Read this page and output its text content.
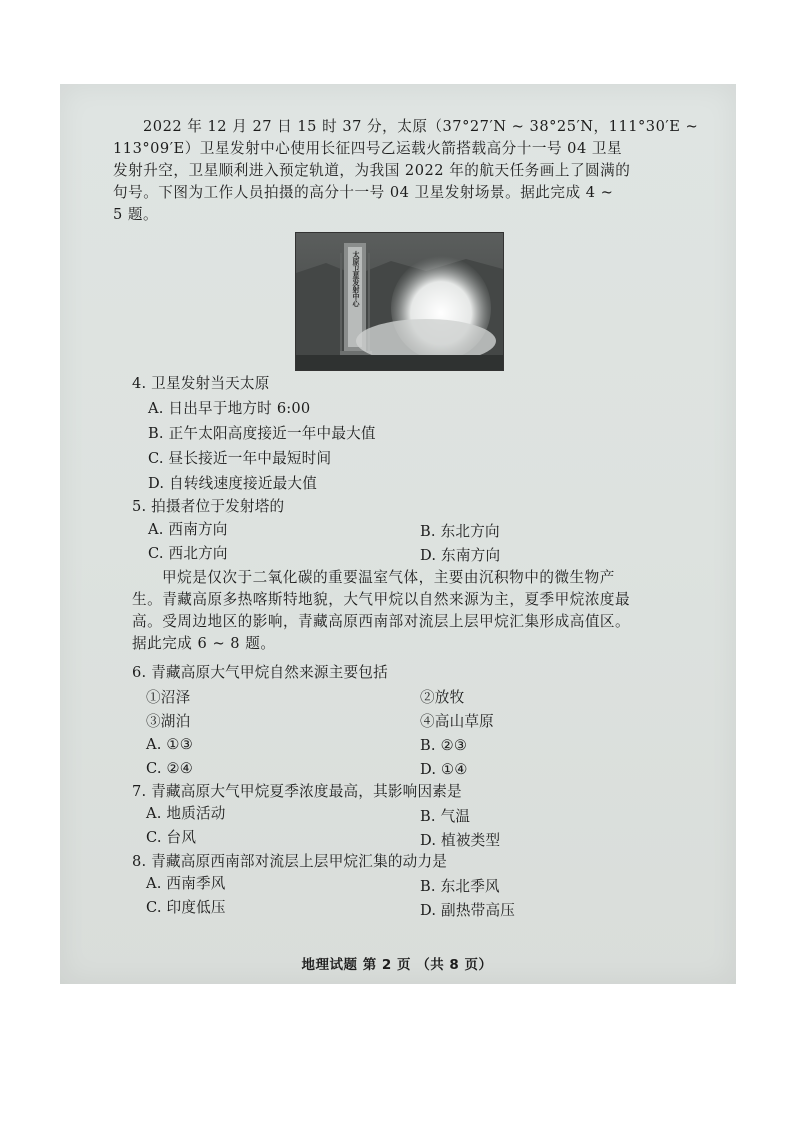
2022 年 12 月 27 日 15 时 37 分，太原（37°27′N ~ 38°25′N，111°30′E ~
113°09′E）卫星发射中心使用长征四号乙运载火箭搭载高分十一号 04 卫星
发射升空，卫星顺利进入预定轨道，为我国 2022 年的航天任务画上了圆满的
句号。下图为工作人员拍摄的高分十一号 04 卫星发射场景。据此完成 4 ~
5 题。
太原卫星发射中心
4. 卫星发射当天太原
A. 日出早于地方时 6:00
B. 正午太阳高度接近一年中最大值
C. 昼长接近一年中最短时间
D. 自转线速度接近最大值
5. 拍摄者位于发射塔的
A. 西南方向	B. 东北方向
C. 西北方向	D. 东南方向
甲烷是仅次于二氧化碳的重要温室气体，主要由沉积物中的微生物产
生。青藏高原多热喀斯特地貌，大气甲烷以自然来源为主，夏季甲烷浓度最
高。受周边地区的影响，青藏高原西南部对流层上层甲烷汇集形成高值区。
据此完成 6 ~ 8 题。
6. 青藏高原大气甲烷自然来源主要包括
①沼泽	②放牧
③湖泊	④高山草原
A. ①③	B. ②③
C. ②④	D. ①④
7. 青藏高原大气甲烷夏季浓度最高，其影响因素是
A. 地质活动	B. 气温
C. 台风	D. 植被类型
8. 青藏高原西南部对流层上层甲烷汇集的动力是
A. 西南季风	B. 东北季风
C. 印度低压	D. 副热带高压
地理试题 第 2 页 （共 8 页）
